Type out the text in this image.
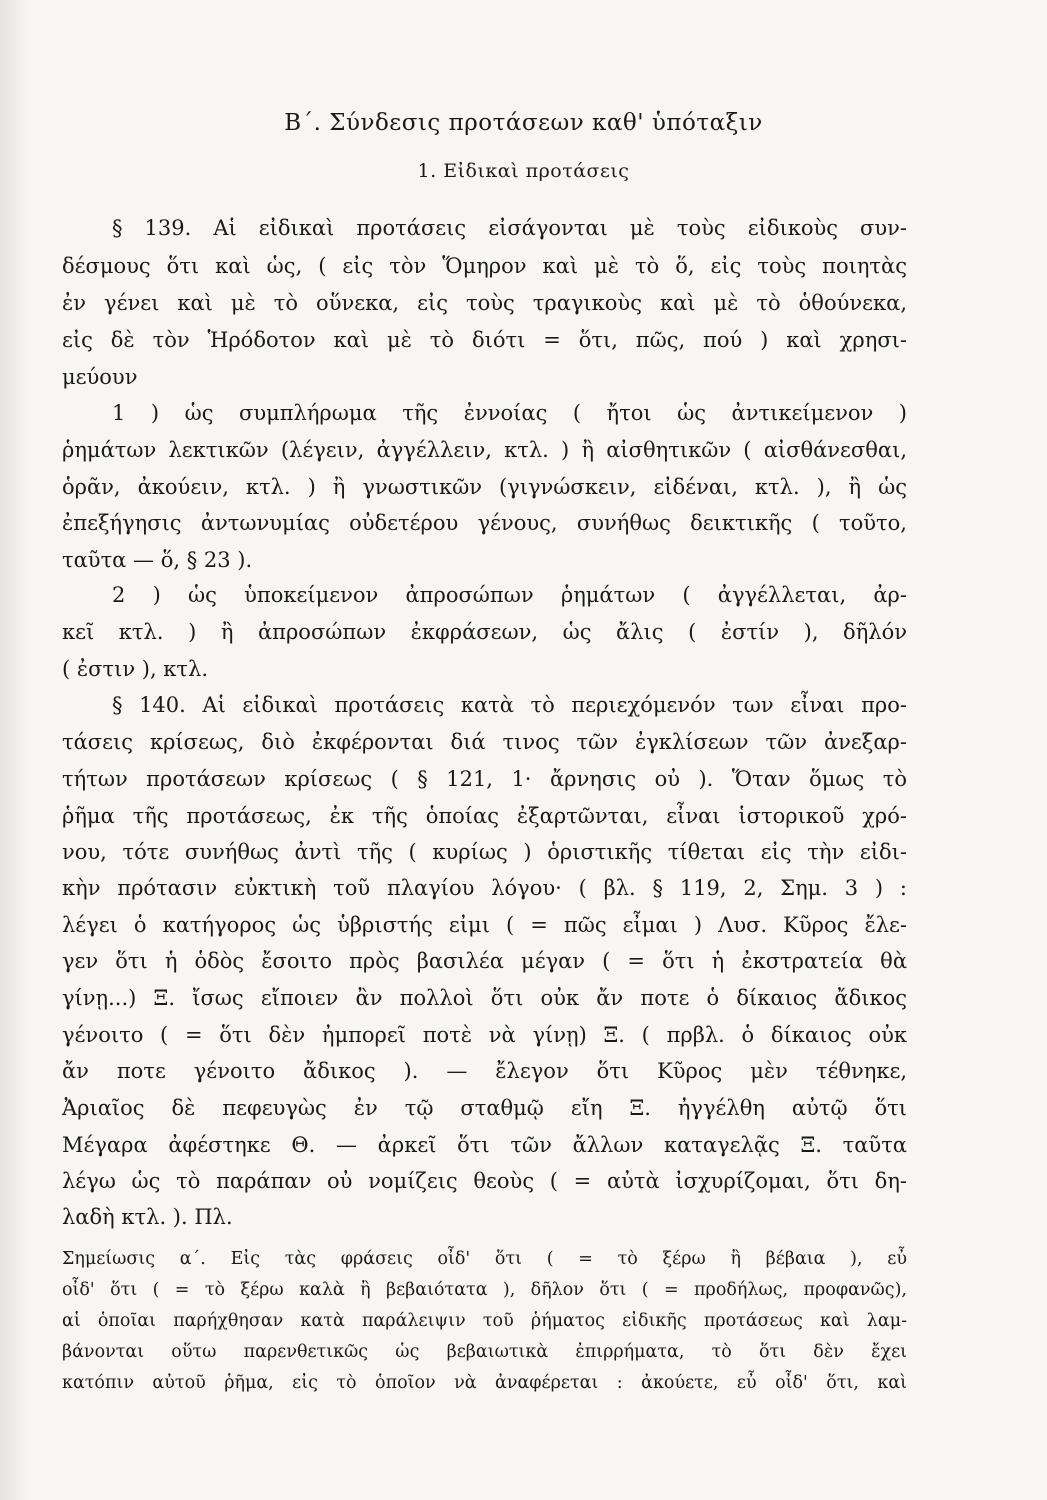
Β΄. Σύνδεσις προτάσεων καθ' ὑπόταξιν
1. Εἰδικαὶ προτάσεις
§ 139. Αἱ εἰδικαὶ προτάσεις εἰσάγονται μὲ τοὺς εἰδικοὺς συν-
δέσμους ὅτι καὶ ὡς, ( εἰς τὸν Ὅμηρον καὶ μὲ τὸ ὅ, εἰς τοὺς ποιητὰς
ἐν γένει καὶ μὲ τὸ οὕνεκα, εἰς τοὺς τραγικοὺς καὶ μὲ τὸ ὁθούνεκα,
εἰς δὲ τὸν Ἡρόδοτον καὶ μὲ τὸ διότι = ὅτι, πῶς, πού ) καὶ χρησι-
μεύουν
1 ) ὡς συμπλήρωμα τῆς ἐννοίας ( ἤτοι ὡς ἀντικείμενον )
ῥημάτων λεκτικῶν (λέγειν, ἀγγέλλειν, κτλ. ) ἢ αἰσθητικῶν ( αἰσθάνεσθαι,
ὁρᾶν, ἀκούειν, κτλ. ) ἢ γνωστικῶν (γιγνώσκειν, εἰδέναι, κτλ. ), ἢ ὡς
ἐπεξήγησις ἀντωνυμίας οὐδετέρου γένους, συνήθως δεικτικῆς ( τοῦτο,
ταῦτα — ὅ, § 23 ).
2 ) ὡς ὑποκείμενον ἀπροσώπων ῥημάτων ( ἀγγέλλεται, ἀρ-
κεῖ κτλ. ) ἢ ἀπροσώπων ἐκφράσεων, ὡς ἄλις ( ἐστίν ), δῆλόν
( ἐστιν ), κτλ.
§ 140. Αἱ εἰδικαὶ προτάσεις κατὰ τὸ περιεχόμενόν των εἶναι προ-
τάσεις κρίσεως, διὸ ἐκφέρονται διά τινος τῶν ἐγκλίσεων τῶν ἀνεξαρ-
τήτων προτάσεων κρίσεως ( § 121, 1· ἄρνησις οὐ ). Ὅταν ὅμως τὸ
ῥῆμα τῆς προτάσεως, ἐκ τῆς ὁποίας ἐξαρτῶνται, εἶναι ἱστορικοῦ χρό-
νου, τότε συνήθως ἀντὶ τῆς ( κυρίως ) ὁριστικῆς τίθεται εἰς τὴν εἰδι-
κὴν πρότασιν εὐκτικὴ τοῦ πλαγίου λόγου· ( βλ. § 119, 2, Σημ. 3 ) :
λέγει ὁ κατήγορος ὡς ὑβριστής εἰμι ( = πῶς εἶμαι ) Λυσ. Κῦρος ἔλε-
γεν ὅτι ἡ ὁδὸς ἔσοιτο πρὸς βασιλέα μέγαν ( = ὅτι ἡ ἐκστρατεία θὰ
γίνῃ...) Ξ. ἴσως εἴποιεν ἂν πολλοὶ ὅτι οὐκ ἄν ποτε ὁ δίκαιος ἄδικος
γένοιτο ( = ὅτι δὲν ἠμπορεῖ ποτὲ νὰ γίνῃ) Ξ. ( πρβλ. ὁ δίκαιος οὐκ
ἄν ποτε γένοιτο ἄδικος ). — ἔλεγον ὅτι Κῦρος μὲν τέθνηκε,
Ἀριαῖος δὲ πεφευγὼς ἐν τῷ σταθμῷ εἴη Ξ. ἠγγέλθη αὐτῷ ὅτι
Μέγαρα ἀφέστηκε Θ. — ἀρκεῖ ὅτι τῶν ἄλλων καταγελᾷς Ξ. ταῦτα
λέγω ὡς τὸ παράπαν οὐ νομίζεις θεοὺς ( = αὐτὰ ἰσχυρίζομαι, ὅτι δη-
λαδὴ κτλ. ). Πλ.
Σημείωσις α΄. Εἰς τὰς φράσεις οἶδ' ὅτι ( = τὸ ξέρω ἢ βέβαια ), εὖ
οἶδ' ὅτι ( = τὸ ξέρω καλὰ ἢ βεβαιότατα ), δῆλον ὅτι ( = προδήλως, προφανῶς),
αἱ ὁποῖαι παρήχθησαν κατὰ παράλειψιν τοῦ ῥήματος εἰδικῆς προτάσεως καὶ λαμ-
βάνονται οὕτω παρενθετικῶς ὡς βεβαιωτικὰ ἐπιρρήματα, τὸ ὅτι δὲν ἔχει
κατόπιν αὐτοῦ ῥῆμα, εἰς τὸ ὁποῖον νὰ ἀναφέρεται : ἀκούετε, εὖ οἶδ' ὅτι, καὶ
